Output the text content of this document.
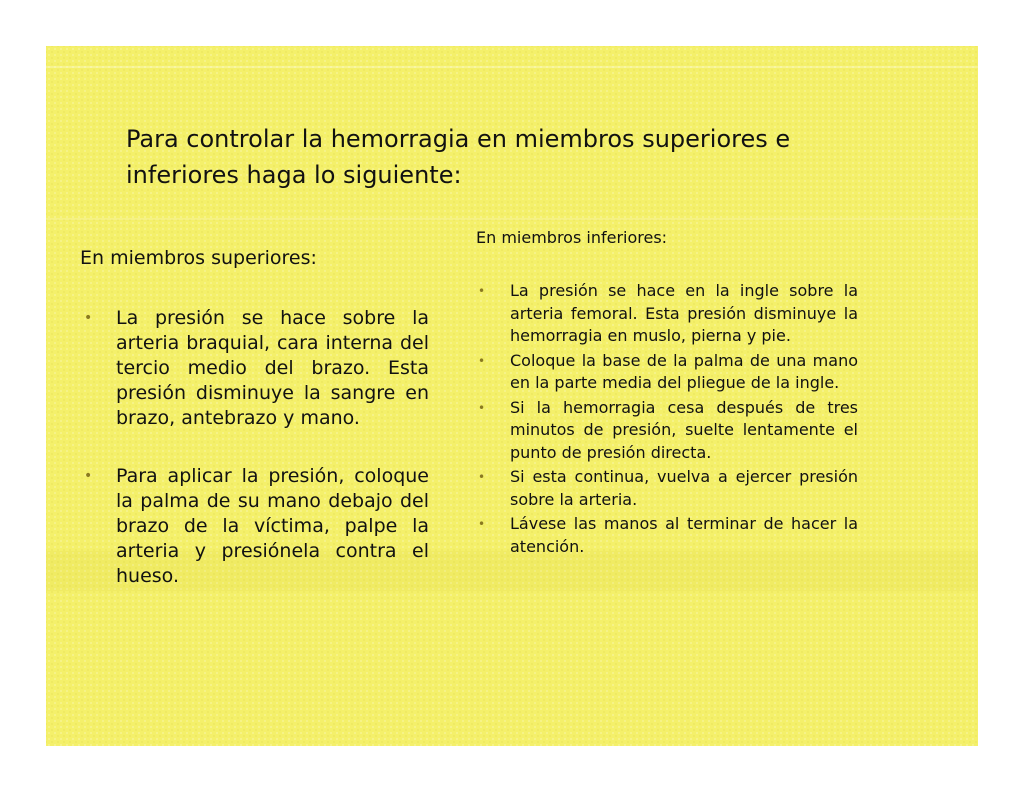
Para controlar la hemorragia en miembros superiores e inferiores haga lo siguiente:
En miembros superiores:
• La presión se hace sobre la arteria braquial, cara interna del tercio medio del brazo. Esta presión disminuye la sangre en brazo, antebrazo y mano.
• Para aplicar la presión, coloque la palma de su mano debajo del brazo de la víctima, palpe la arteria y presiónela contra el hueso.
En miembros inferiores:
• La presión se hace en la ingle sobre la arteria femoral. Esta presión disminuye la hemorragia en muslo, pierna y pie.
• Coloque la base de la palma de una mano en la parte media del pliegue de la ingle.
• Si la hemorragia cesa después de tres minutos de presión, suelte lentamente el punto de presión directa.
• Si esta continua, vuelva a ejercer presión sobre la arteria.
• Lávese las manos al terminar de hacer la atención.
